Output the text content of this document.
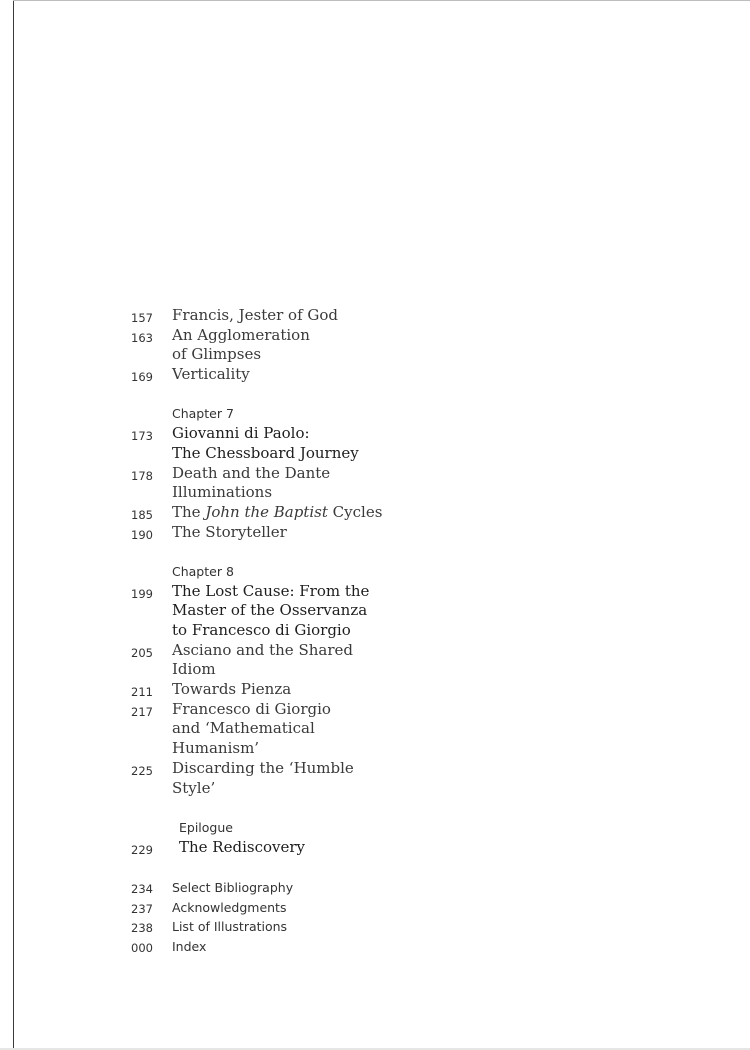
157 Francis, Jester of God
163 An Agglomeration
of Glimpses
169 Verticality
Chapter 7
173 Giovanni di Paolo:
The Chessboard Journey
178 Death and the Dante
Illuminations
185 The John the Baptist Cycles
190 The Storyteller
Chapter 8
199 The Lost Cause: From the
Master of the Osservanza
to Francesco di Giorgio
205 Asciano and the Shared
Idiom
211 Towards Pienza
217 Francesco di Giorgio
and ‘Mathematical
Humanism’
225 Discarding the ‘Humble
Style’
Epilogue
229 The Rediscovery
234 Select Bibliography
237 Acknowledgments
238 List of Illustrations
000 Index
